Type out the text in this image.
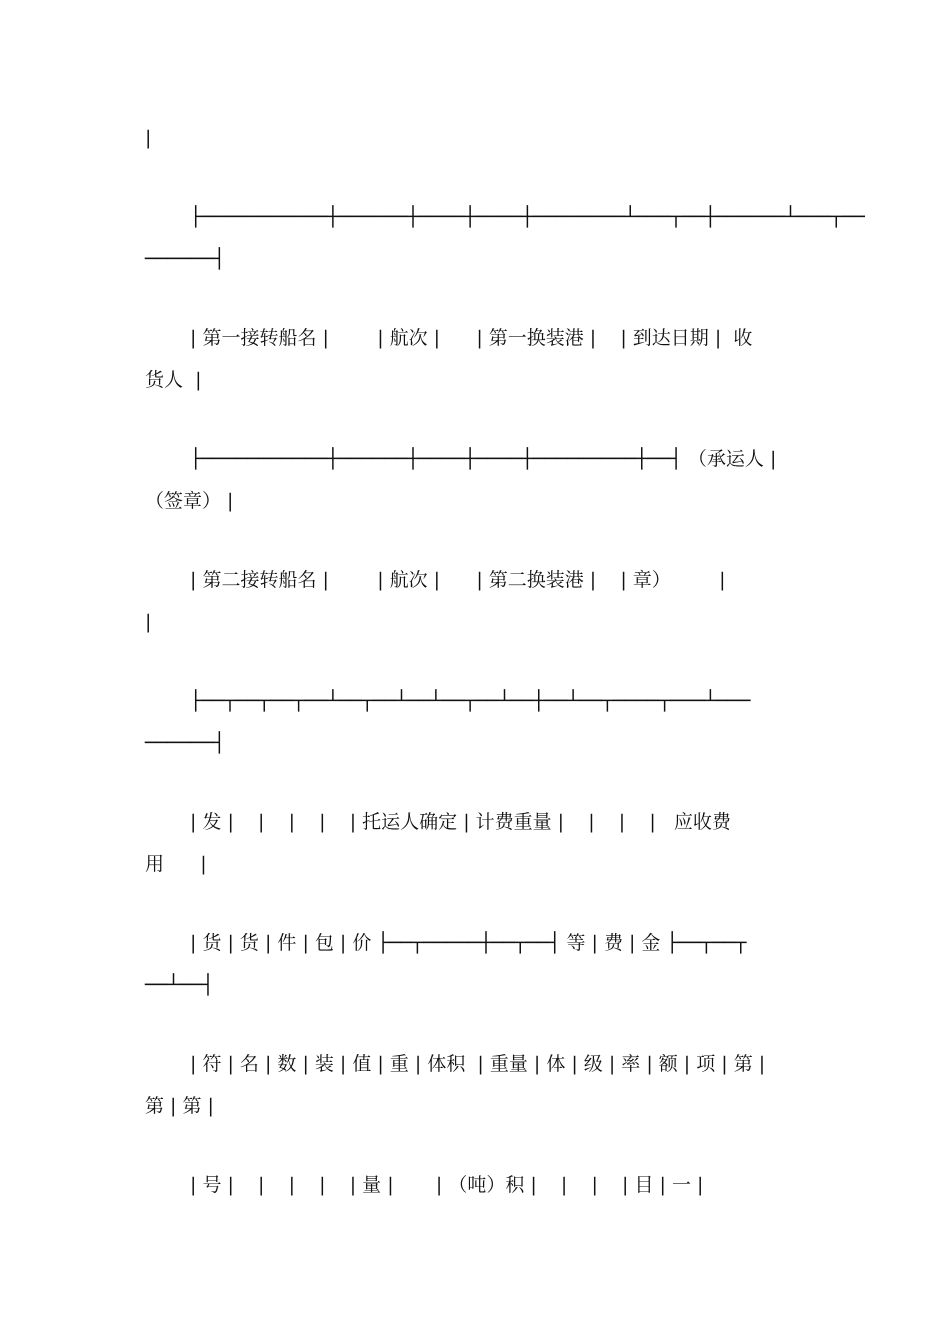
|

├───────────┼──────┼────┼────┼────────┴───┬──┼──────┴───┬──

──────┤

| 第一接转船名 |        | 航次 |      | 第一换装港 |    | 到达日期 |  收

货人  |

├───────────┼──────┼────┼────┼─────────┼──┤ （承运人 |

（签章） |

| 第二接转船名 |        | 航次 |      | 第二换装港 |    | 章）        |

|

├──┬──┬──┬──┴──┬──┴──┴──┬──┴──┼──┴──┬────┬───┴───

──────┤

| 发 |    |    |    |    | 托运人确定 | 计费重量 |    |    |    |   应收费

用      |

| 货 | 货 | 件 | 包 | 价 ├──┬─────┼──┬──┤ 等 | 费 | 金 ├──┬──┬

──┴──┤

| 符 | 名 | 数 | 装 | 值 | 重 | 体积  | 重量 | 体 | 级 | 率 | 额 | 项 | 第 |

第 | 第 |

| 号 |    |    |    |    | 量 |       | （吨）积 |    |    |    | 目 | 一 |
